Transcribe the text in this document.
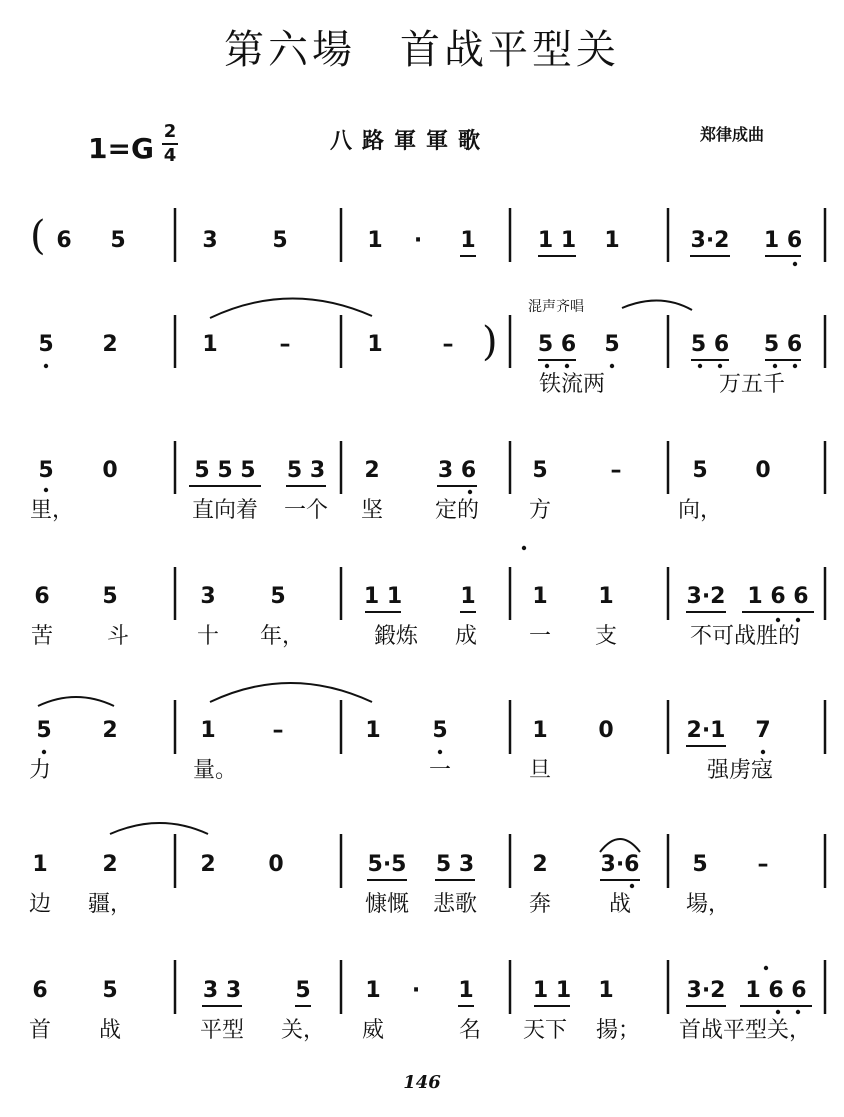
第六場　首战平型关
1=G
2
4
八路軍軍歌	郑律成曲
( 6 5	3 5	1 · 1	1 1 1	3·2 1 6
5 2	1	–	1	– )
混声齐唱
5 6 5	5 6 5 6
铁流两	万五千
5 0	5 5 5 5 3 2	3 6	5	–	5 0
里，	直向着 一个 坚 定的 方	向，
6 5	3 5	1 1	1	1 1	3·2 1 6 6
苦 斗	十 年，	鍛炼 成 一 支	不可战胜的
5 2	1	–	1 5	1 0	2·1 7
力	量。	一	旦	强虏寇
1 2	2 0	5·5 5 3	2 3·6 5 –
边 疆，	慷慨 悲歌 奔	战 場，
6 5	3 3 5 1 · 1	1 1 1	3·2 1 6 6
首 战	平型 关， 威	名 天下 揚； 首战平型关，
146
